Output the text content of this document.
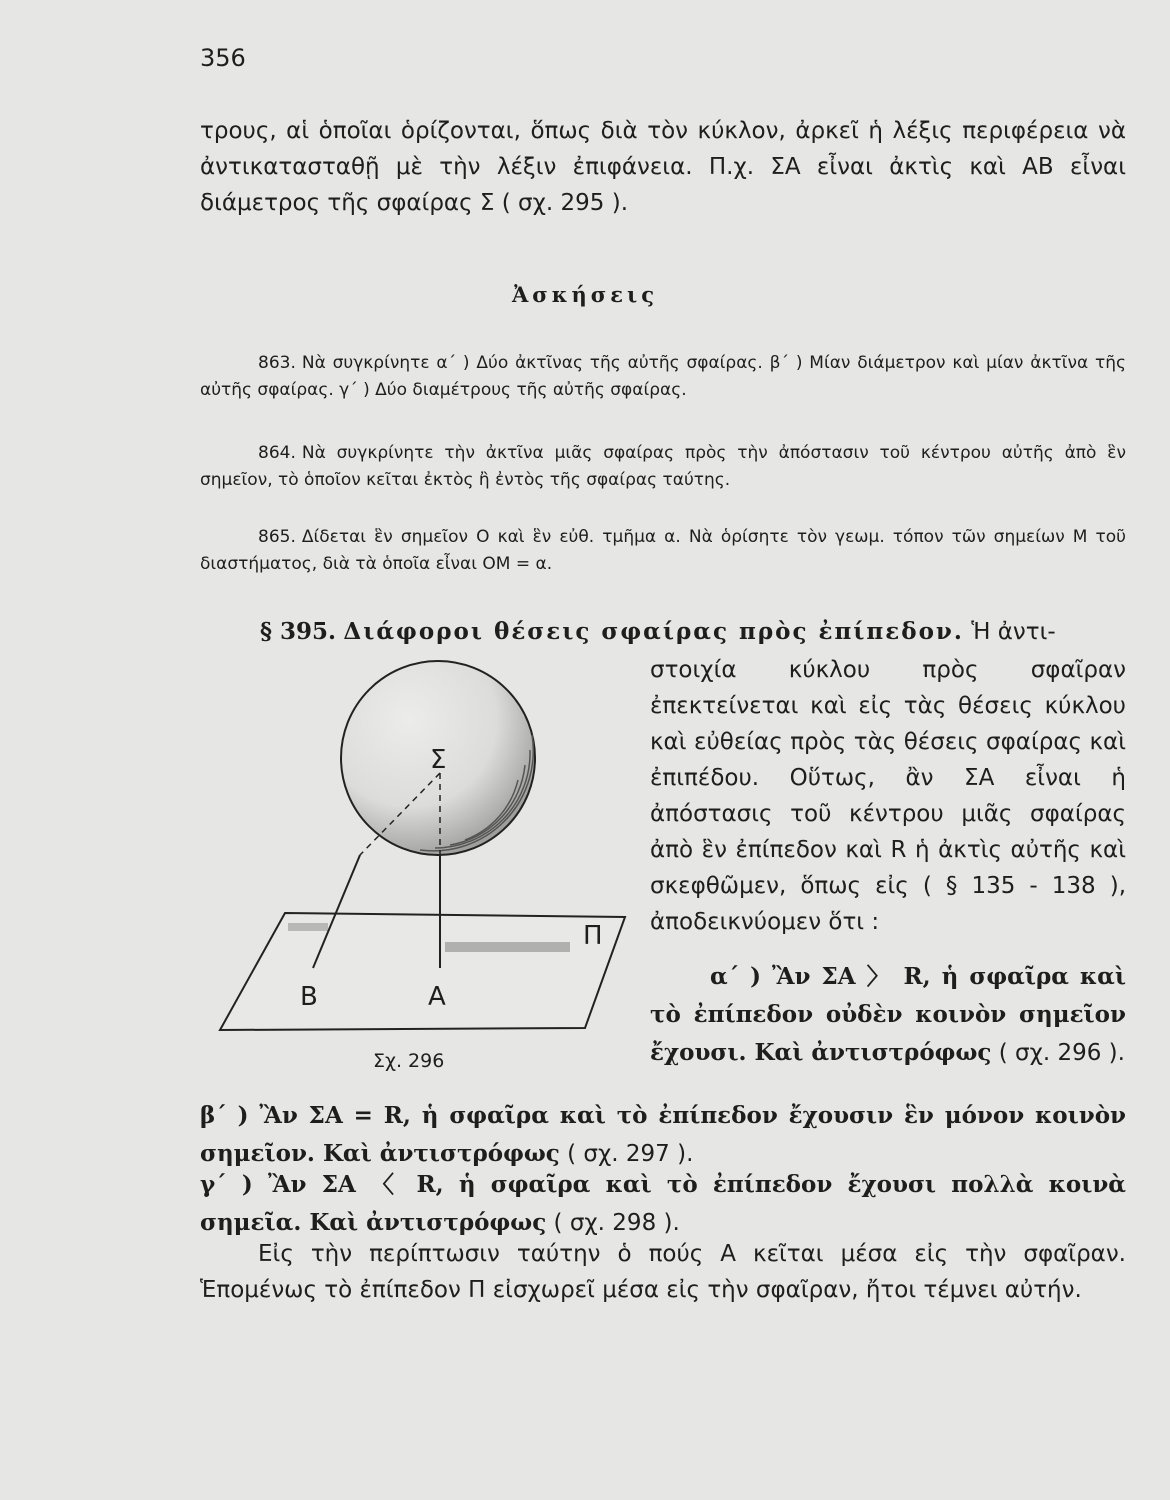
356
τρους, αἱ ὁποῖαι ὁρίζονται, ὅπως διὰ τὸν κύκλον, ἀρκεῖ ἡ λέξις περιφέρεια νὰ ἀντικατασταθῇ μὲ τὴν λέξιν ἐπιφάνεια. Π.χ. ΣΑ εἶναι ἀκτὶς καὶ ΑΒ εἶναι διάμετρος τῆς σφαίρας Σ ( σχ. 295 ).
Ἀσκήσεις
863. Νὰ συγκρίνητε α΄ ) Δύο ἀκτῖνας τῆς αὐτῆς σφαίρας. β΄ ) Μίαν διάμετρον καὶ μίαν ἀκτῖνα τῆς αὐτῆς σφαίρας. γ΄ ) Δύο διαμέτρους τῆς αὐτῆς σφαίρας.
864. Νὰ συγκρίνητε τὴν ἀκτῖνα μιᾶς σφαίρας πρὸς τὴν ἀπόστασιν τοῦ κέντρου αὐτῆς ἀπὸ ἓν σημεῖον, τὸ ὁποῖον κεῖται ἐκτὸς ἢ ἐντὸς τῆς σφαίρας ταύτης.
865. Δίδεται ἓν σημεῖον Ο καὶ ἓν εὐθ. τμῆμα α. Νὰ ὁρίσητε τὸν γεωμ. τόπον τῶν σημείων Μ τοῦ διαστήματος, διὰ τὰ ὁποῖα εἶναι ΟΜ = α.
§ 395. Διάφοροι θέσεις σφαίρας πρὸς ἐπίπεδον. Ἡ ἀντι-
στοιχία κύκλου πρὸς σφαῖραν ἐπεκτείνεται καὶ εἰς τὰς θέσεις κύκλου καὶ εὐθείας πρὸς τὰς θέσεις σφαίρας καὶ ἐπιπέδου. Οὕτως, ἂν ΣΑ εἶναι ἡ ἀπόστασις τοῦ κέντρου μιᾶς σφαίρας ἀπὸ ἓν ἐπίπεδον καὶ R ἡ ἀκτὶς αὐτῆς καὶ σκεφθῶμεν, ὅπως εἰς ( § 135 - 138 ), ἀποδεικνύομεν ὅτι :
Σ
Π
Α
Β
Σχ. 296
α΄ ) Ἂν ΣΑ 〉 R, ἡ σφαῖρα καὶ τὸ ἐπίπεδον οὐδὲν κοινὸν σημεῖον ἔχουσι. Καὶ ἀντιστρόφως ( σχ. 296 ).
β΄ ) Ἂν ΣΑ = R, ἡ σφαῖρα καὶ τὸ ἐπίπεδον ἔχουσιν ἓν μόνον κοινὸν σημεῖον. Καὶ ἀντιστρόφως ( σχ. 297 ).
γ΄ ) Ἂν ΣΑ 〈 R, ἡ σφαῖρα καὶ τὸ ἐπίπεδον ἔχουσι πολλὰ κοινὰ σημεῖα. Καὶ ἀντιστρόφως ( σχ. 298 ).
Εἰς τὴν περίπτωσιν ταύτην ὁ πούς Α κεῖται μέσα εἰς τὴν σφαῖραν. Ἑπομένως τὸ ἐπίπεδον Π εἰσχωρεῖ μέσα εἰς τὴν σφαῖραν, ἤτοι τέμνει αὐτήν.
